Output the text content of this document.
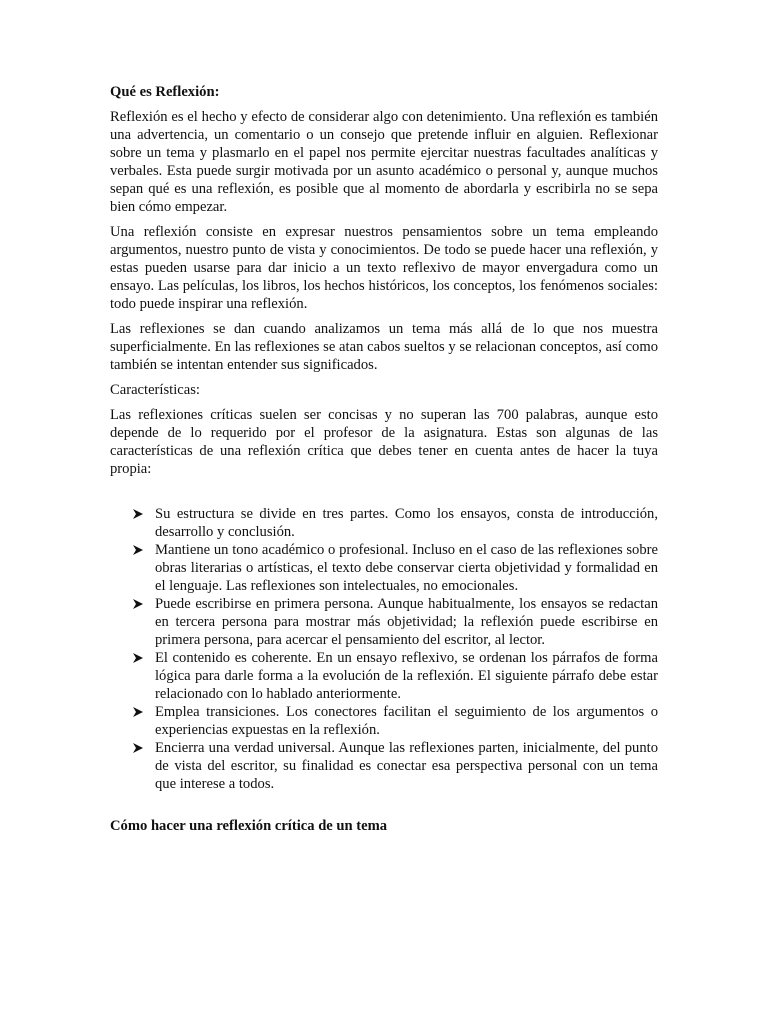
Qué es Reflexión:

Reflexión es el hecho y efecto de considerar algo con detenimiento. Una reflexión es también una advertencia, un comentario o un consejo que pretende influir en alguien. Reflexionar sobre un tema y plasmarlo en el papel nos permite ejercitar nuestras facultades analíticas y verbales. Esta puede surgir motivada por un asunto académico o personal y, aunque muchos sepan qué es una reflexión, es posible que al momento de abordarla y escribirla no se sepa bien cómo empezar.

Una reflexión consiste en expresar nuestros pensamientos sobre un tema empleando argumentos, nuestro punto de vista y conocimientos. De todo se puede hacer una reflexión, y estas pueden usarse para dar inicio a un texto reflexivo de mayor envergadura como un ensayo. Las películas, los libros, los hechos históricos, los conceptos, los fenómenos sociales: todo puede inspirar una reflexión.

Las reflexiones se dan cuando analizamos un tema más allá de lo que nos muestra superficialmente. En las reflexiones se atan cabos sueltos y se relacionan conceptos, así como también se intentan entender sus significados.

Características:

Las reflexiones críticas suelen ser concisas y no superan las 700 palabras, aunque esto depende de lo requerido por el profesor de la asignatura. Estas son algunas de las características de una reflexión crítica que debes tener en cuenta antes de hacer la tuya propia:

Su estructura se divide en tres partes. Como los ensayos, consta de introducción, desarrollo y conclusión.
Mantiene un tono académico o profesional. Incluso en el caso de las reflexiones sobre obras literarias o artísticas, el texto debe conservar cierta objetividad y formalidad en el lenguaje. Las reflexiones son intelectuales, no emocionales.
Puede escribirse en primera persona. Aunque habitualmente, los ensayos se redactan en tercera persona para mostrar más objetividad; la reflexión puede escribirse en primera persona, para acercar el pensamiento del escritor, al lector.
El contenido es coherente. En un ensayo reflexivo, se ordenan los párrafos de forma lógica para darle forma a la evolución de la reflexión. El siguiente párrafo debe estar relacionado con lo hablado anteriormente.
Emplea transiciones. Los conectores facilitan el seguimiento de los argumentos o experiencias expuestas en la reflexión.
Encierra una verdad universal. Aunque las reflexiones parten, inicialmente, del punto de vista del escritor, su finalidad es conectar esa perspectiva personal con un tema que interese a todos.
Cómo hacer una reflexión crítica de un tema
